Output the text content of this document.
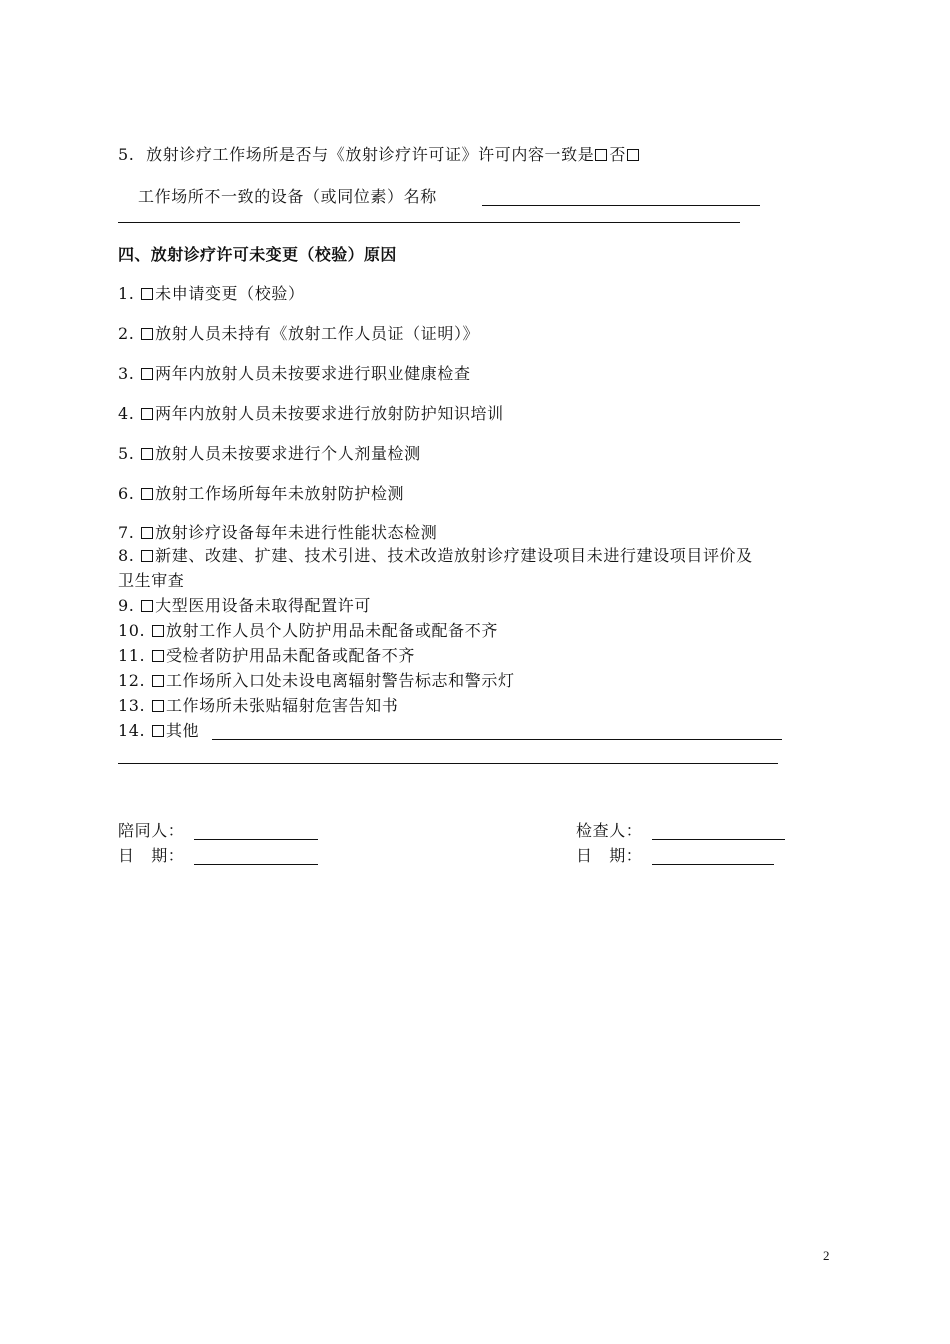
5. 放射诊疗工作场所是否与《放射诊疗许可证》许可内容一致是 否
工作场所不一致的设备（或同位素）名称
四、放射诊疗许可未变更（校验）原因
1. 未申请变更（校验）
2. 放射人员未持有《放射工作人员证（证明）》
3. 两年内放射人员未按要求进行职业健康检查
4. 两年内放射人员未按要求进行放射防护知识培训
5. 放射人员未按要求进行个人剂量检测
6. 放射工作场所每年未放射防护检测
7. 放射诊疗设备每年未进行性能状态检测
8. 新建、改建、扩建、技术引进、技术改造放射诊疗建设项目未进行建设项目评价及
卫生审查
9. 大型医用设备未取得配置许可
10. 放射工作人员个人防护用品未配备或配备不齐
11. 受检者防护用品未配备或配备不齐
12. 工作场所入口处未设电离辐射警告标志和警示灯
13. 工作场所未张贴辐射危害告知书
14. 其他
陪同人：
日　期：
检查人：
日　期：
2
